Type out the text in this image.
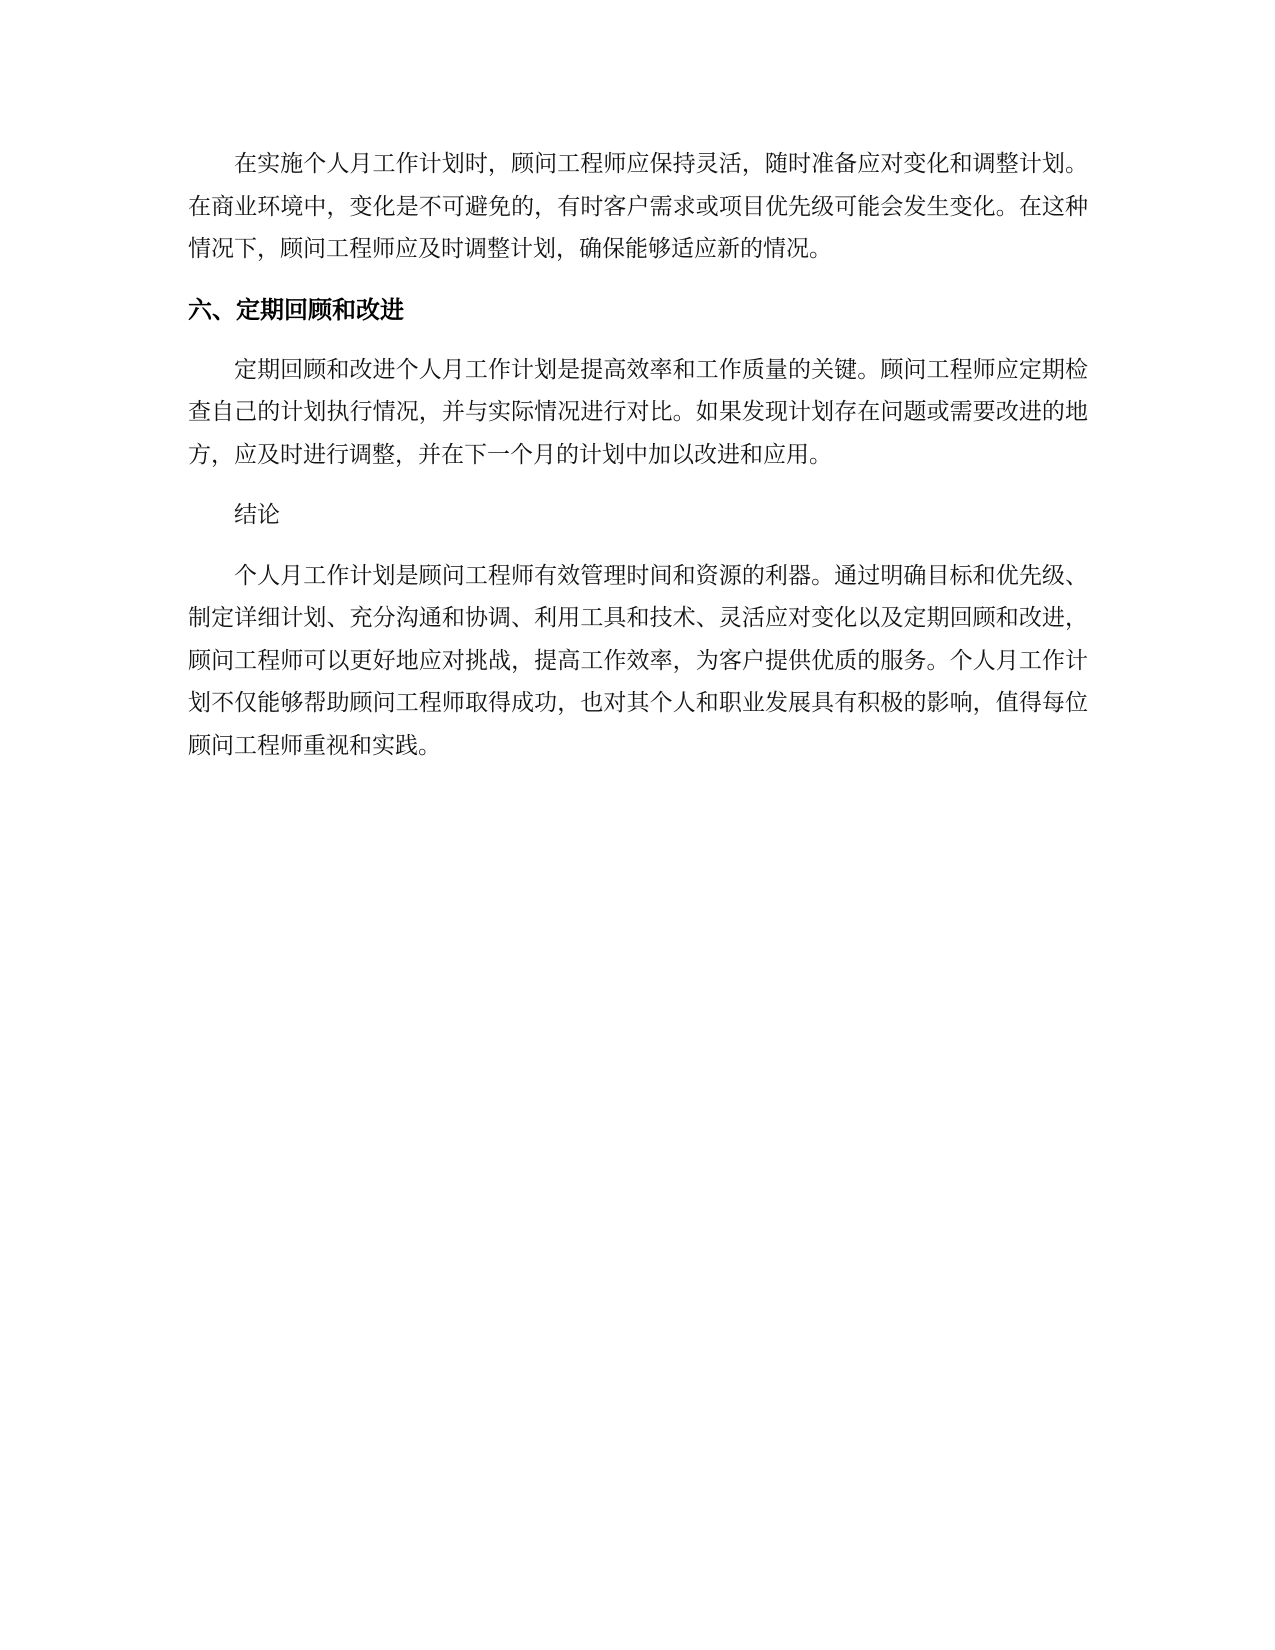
在实施个人月工作计划时，顾问工程师应保持灵活，随时准备应对变化和调整计划。在商业环境中，变化是不可避免的，有时客户需求或项目优先级可能会发生变化。在这种情况下，顾问工程师应及时调整计划，确保能够适应新的情况。

六、定期回顾和改进

定期回顾和改进个人月工作计划是提高效率和工作质量的关键。顾问工程师应定期检查自己的计划执行情况，并与实际情况进行对比。如果发现计划存在问题或需要改进的地方，应及时进行调整，并在下一个月的计划中加以改进和应用。

结论

个人月工作计划是顾问工程师有效管理时间和资源的利器。通过明确目标和优先级、制定详细计划、充分沟通和协调、利用工具和技术、灵活应对变化以及定期回顾和改进，顾问工程师可以更好地应对挑战，提高工作效率，为客户提供优质的服务。个人月工作计划不仅能够帮助顾问工程师取得成功，也对其个人和职业发展具有积极的影响，值得每位顾问工程师重视和实践。
